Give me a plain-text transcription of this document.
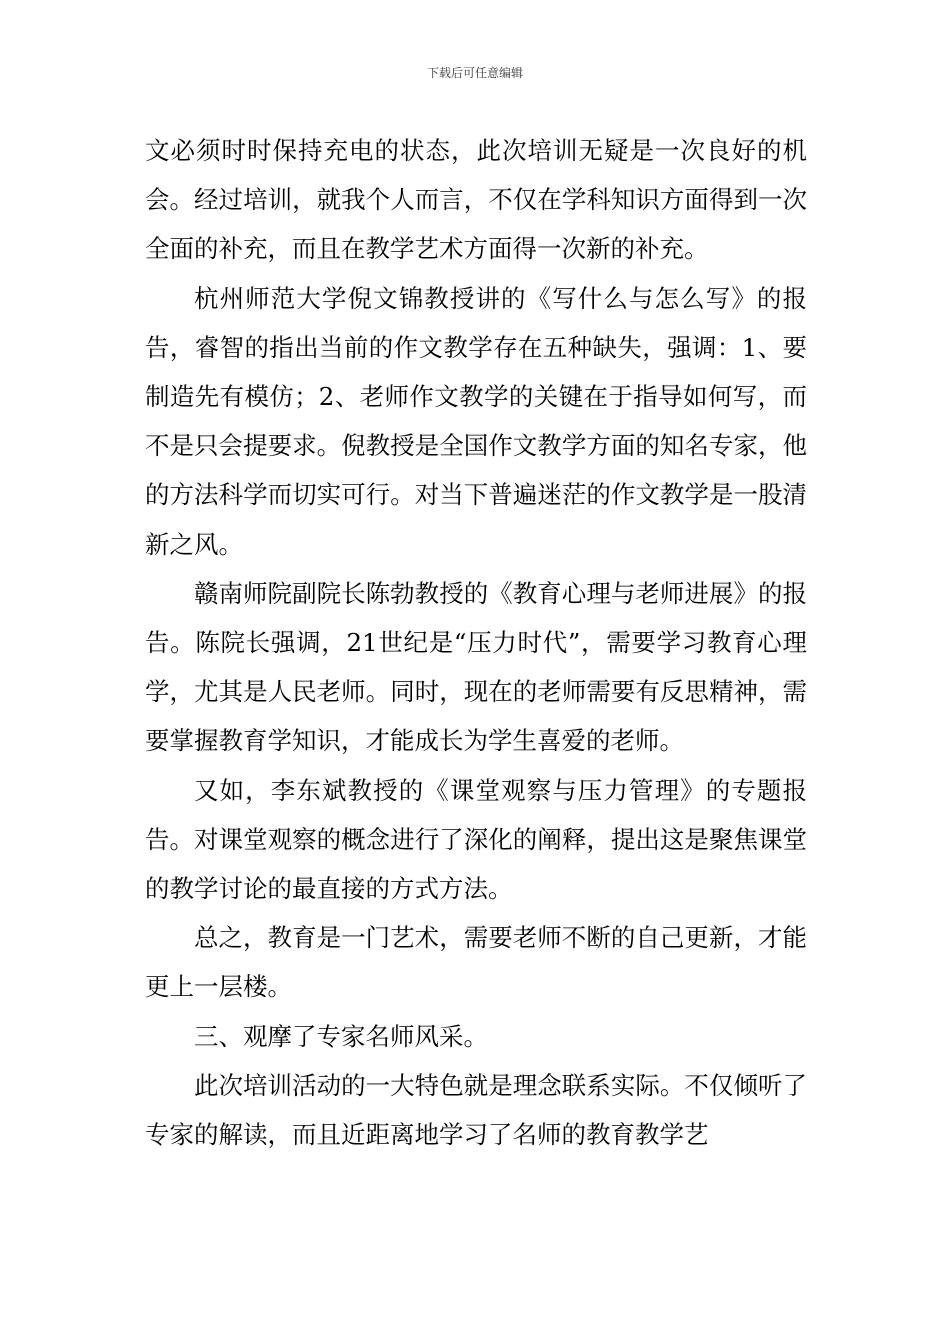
下载后可任意编辑

文必须时时保持充电的状态，此次培训无疑是一次良好的机会。经过培训，就我个人而言，不仅在学科知识方面得到一次全面的补充，而且在教学艺术方面得一次新的补充。

杭州师范大学倪文锦教授讲的《写什么与怎么写》的报告，睿智的指出当前的作文教学存在五种缺失，强调：1、要制造先有模仿；2、老师作文教学的关键在于指导如何写，而不是只会提要求。倪教授是全国作文教学方面的知名专家，他的方法科学而切实可行。对当下普遍迷茫的作文教学是一股清新之风。

赣南师院副院长陈勃教授的《教育心理与老师进展》的报告。陈院长强调，21世纪是“压力时代”，需要学习教育心理学，尤其是人民老师。同时，现在的老师需要有反思精神，需要掌握教育学知识，才能成长为学生喜爱的老师。

又如，李东斌教授的《课堂观察与压力管理》的专题报告。对课堂观察的概念进行了深化的阐释，提出这是聚焦课堂的教学讨论的最直接的方式方法。

总之，教育是一门艺术，需要老师不断的自己更新，才能更上一层楼。

三、观摩了专家名师风采。

此次培训活动的一大特色就是理念联系实际。不仅倾听了专家的解读，而且近距离地学习了名师的教育教学艺
